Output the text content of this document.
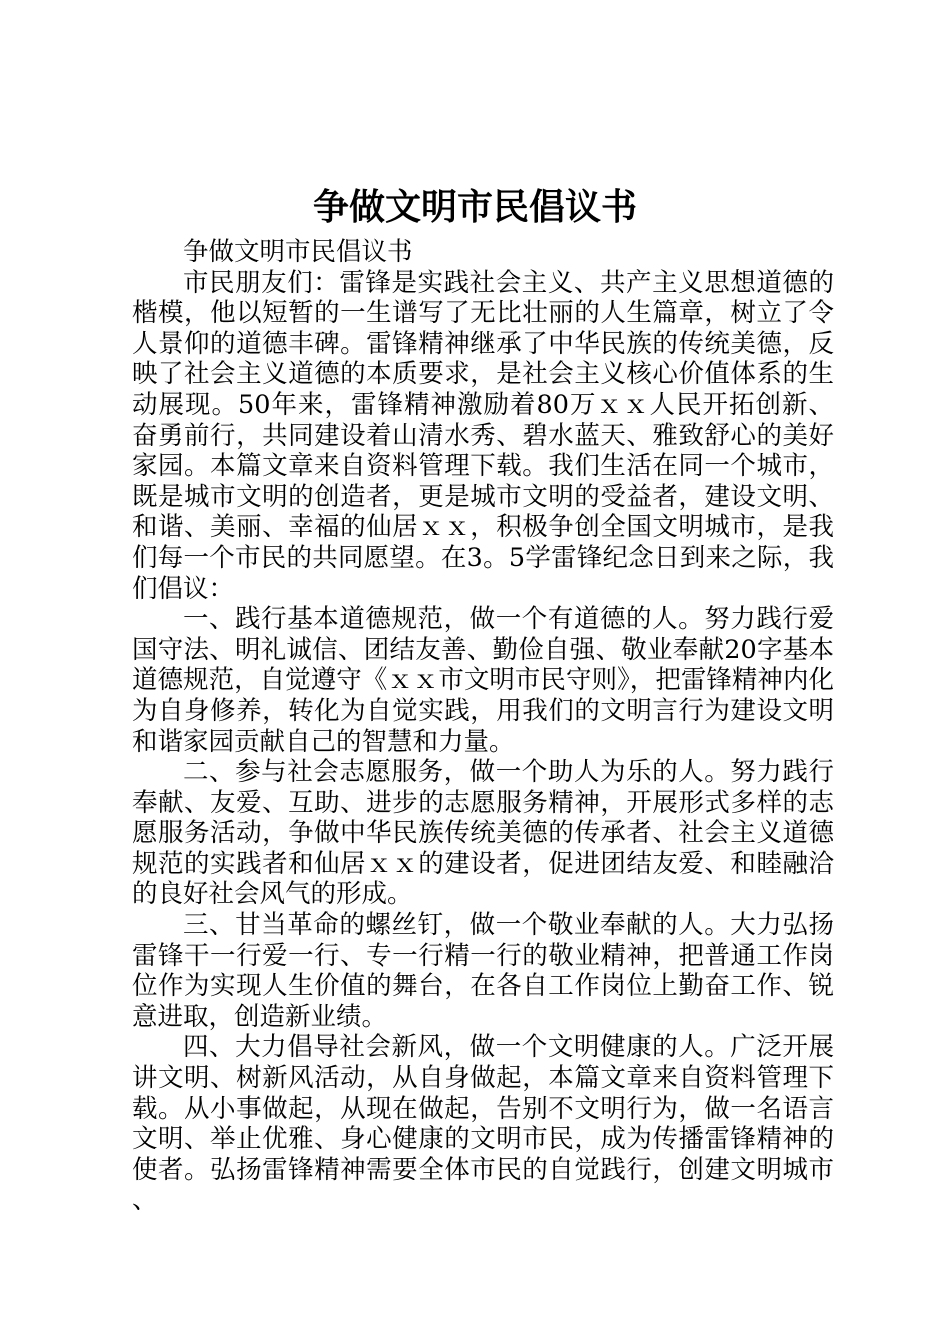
争做文明市民倡议书

争做文明市民倡议书

市民朋友们：雷锋是实践社会主义、共产主义思想道德的楷模，他以短暂的一生谱写了无比壮丽的人生篇章，树立了令人景仰的道德丰碑。雷锋精神继承了中华民族的传统美德，反映了社会主义道德的本质要求，是社会主义核心价值体系的生动展现。50年来，雷锋精神激励着80万ｘｘ人民开拓创新、奋勇前行，共同建设着山清水秀、碧水蓝天、雅致舒心的美好家园。本篇文章来自资料管理下载。我们生活在同一个城市，既是城市文明的创造者，更是城市文明的受益者，建设文明、和谐、美丽、幸福的仙居ｘｘ，积极争创全国文明城市，是我们每一个市民的共同愿望。在3。5学雷锋纪念日到来之际，我们倡议：

一、践行基本道德规范，做一个有道德的人。努力践行爱国守法、明礼诚信、团结友善、勤俭自强、敬业奉献20字基本道德规范，自觉遵守《ｘｘ市文明市民守则》，把雷锋精神内化为自身修养，转化为自觉实践，用我们的文明言行为建设文明和谐家园贡献自己的智慧和力量。

二、参与社会志愿服务，做一个助人为乐的人。努力践行奉献、友爱、互助、进步的志愿服务精神，开展形式多样的志愿服务活动，争做中华民族传统美德的传承者、社会主义道德规范的实践者和仙居ｘｘ的建设者，促进团结友爱、和睦融洽的良好社会风气的形成。

三、甘当革命的螺丝钉，做一个敬业奉献的人。大力弘扬雷锋干一行爱一行、专一行精一行的敬业精神，把普通工作岗位作为实现人生价值的舞台，在各自工作岗位上勤奋工作、锐意进取，创造新业绩。

四、大力倡导社会新风，做一个文明健康的人。广泛开展讲文明、树新风活动，从自身做起，本篇文章来自资料管理下载。从小事做起，从现在做起，告别不文明行为，做一名语言文明、举止优雅、身心健康的文明市民，成为传播雷锋精神的使者。弘扬雷锋精神需要全体市民的自觉践行，创建文明城市、
